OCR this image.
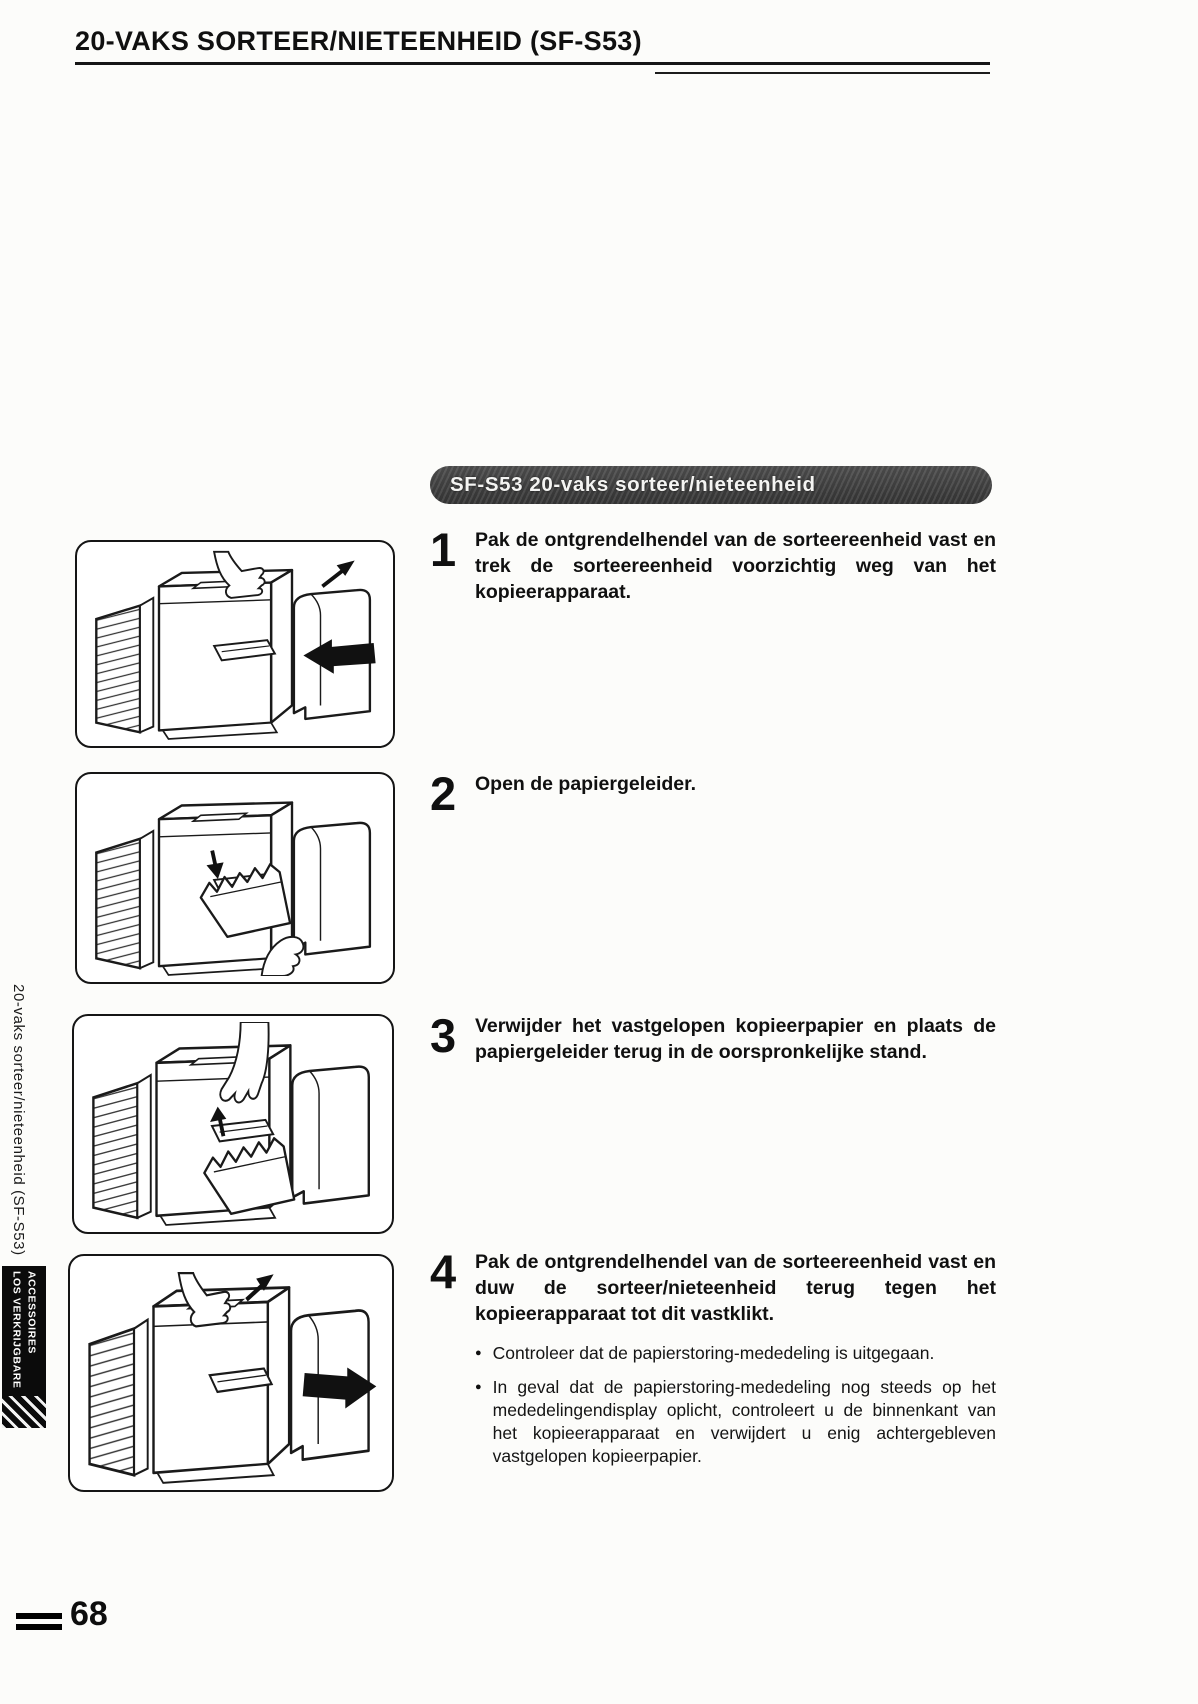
20-VAKS SORTEER/NIETEENHEID (SF-S53)
SF-S53 20-vaks sorteer/nieteenheid
1 Pak de ontgrendelhendel van de sorteereenheid vast en trek de sorteereenheid voorzichtig weg van het kopieerapparaat.

2 Open de papiergeleider.

3 Verwijder het vastgelopen kopieerpapier en plaats de papiergeleider terug in de oorspronkelijke stand.

4 Pak de ontgrendelhendel van de sorteereenheid vast en duw de sorteer/nieteenheid terug tegen het kopieerapparaat tot dit vastklikt.

● Controleer dat de papierstoring-mededeling is uitgegaan.
● In geval dat de papierstoring-mededeling nog steeds op het mededelingendisplay oplicht, controleert u de binnenkant van het kopieerapparaat en verwijdert u enig achtergebleven vastgelopen kopieerpapier.
20-vaks sorteer/nieteenheid (SF-S53)
LOS VERKRIJGBARE ACCESSOIRES
68
